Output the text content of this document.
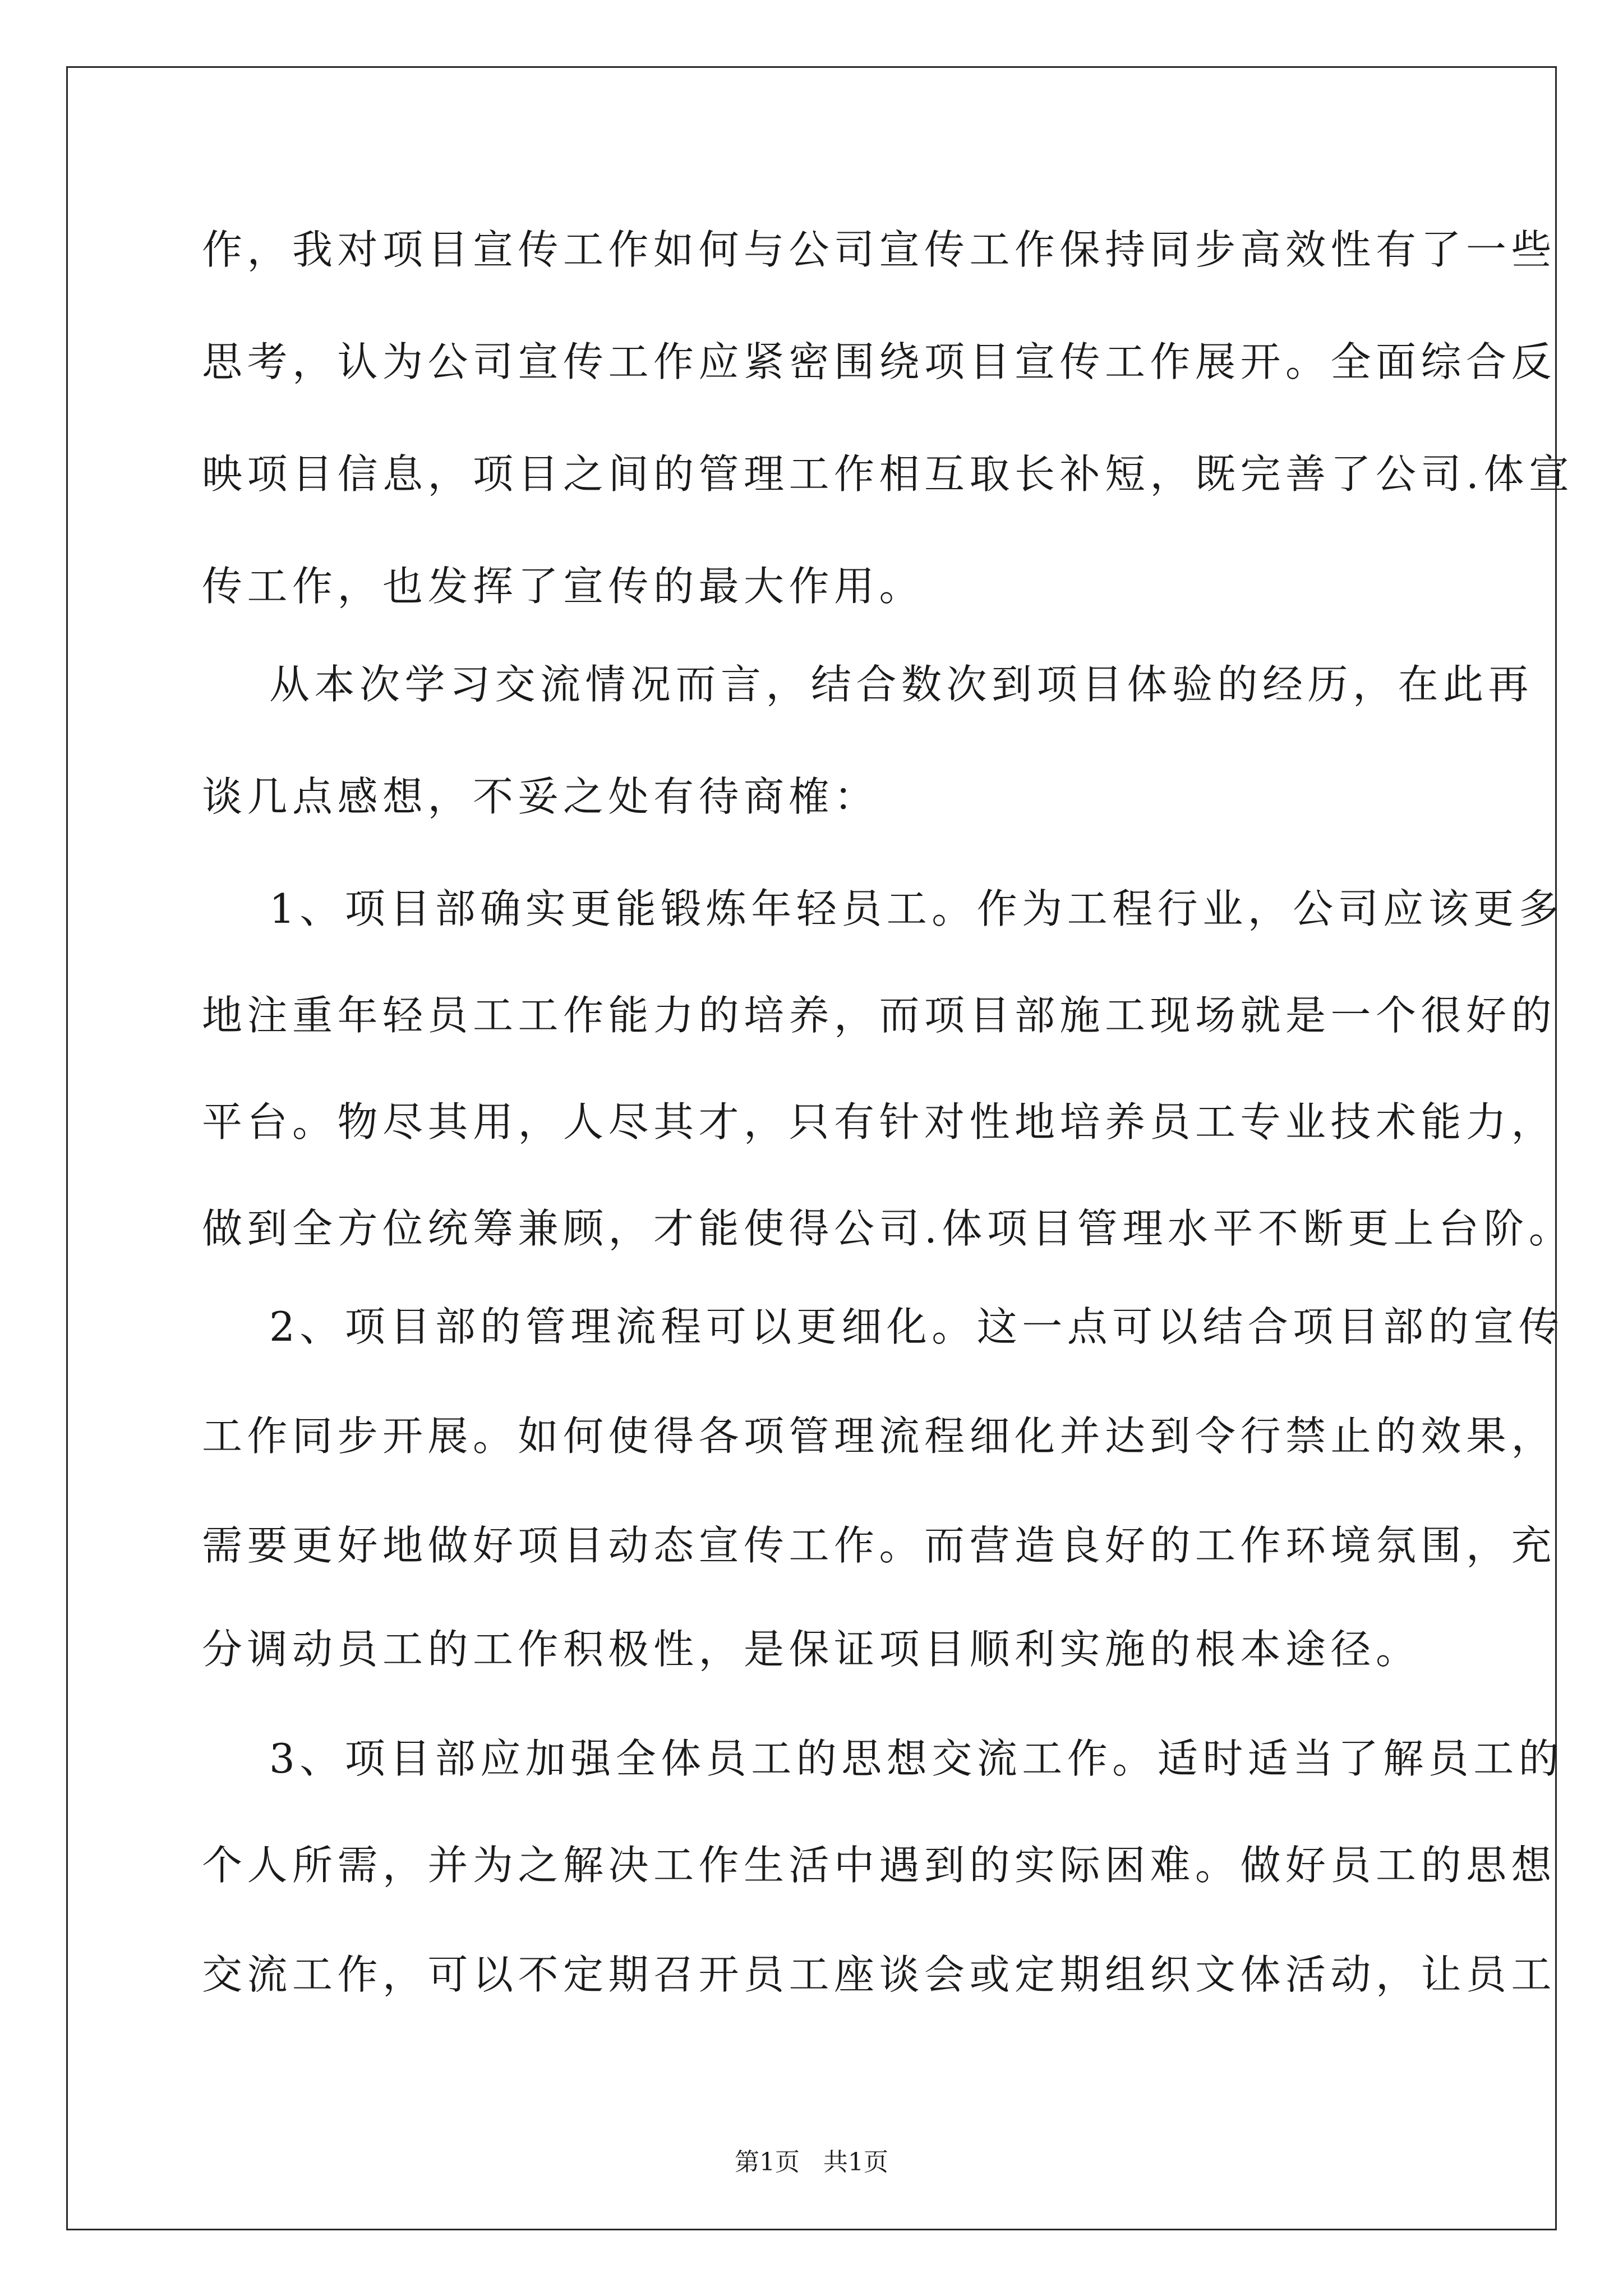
作，我对项目宣传工作如何与公司宣传工作保持同步高效性有了一些
思考，认为公司宣传工作应紧密围绕项目宣传工作展开。全面综合反
映项目信息，项目之间的管理工作相互取长补短，既完善了公司.体宣
传工作，也发挥了宣传的最大作用。
从本次学习交流情况而言，结合数次到项目体验的经历，在此再
谈几点感想，不妥之处有待商榷：
1、项目部确实更能锻炼年轻员工。作为工程行业，公司应该更多
地注重年轻员工工作能力的培养，而项目部施工现场就是一个很好的
平台。物尽其用，人尽其才，只有针对性地培养员工专业技术能力，
做到全方位统筹兼顾，才能使得公司.体项目管理水平不断更上台阶。
2、项目部的管理流程可以更细化。这一点可以结合项目部的宣传
工作同步开展。如何使得各项管理流程细化并达到令行禁止的效果，
需要更好地做好项目动态宣传工作。而营造良好的工作环境氛围，充
分调动员工的工作积极性，是保证项目顺利实施的根本途径。
3、项目部应加强全体员工的思想交流工作。适时适当了解员工的
个人所需，并为之解决工作生活中遇到的实际困难。做好员工的思想
交流工作，可以不定期召开员工座谈会或定期组织文体活动，让员工
第1页   共1页
